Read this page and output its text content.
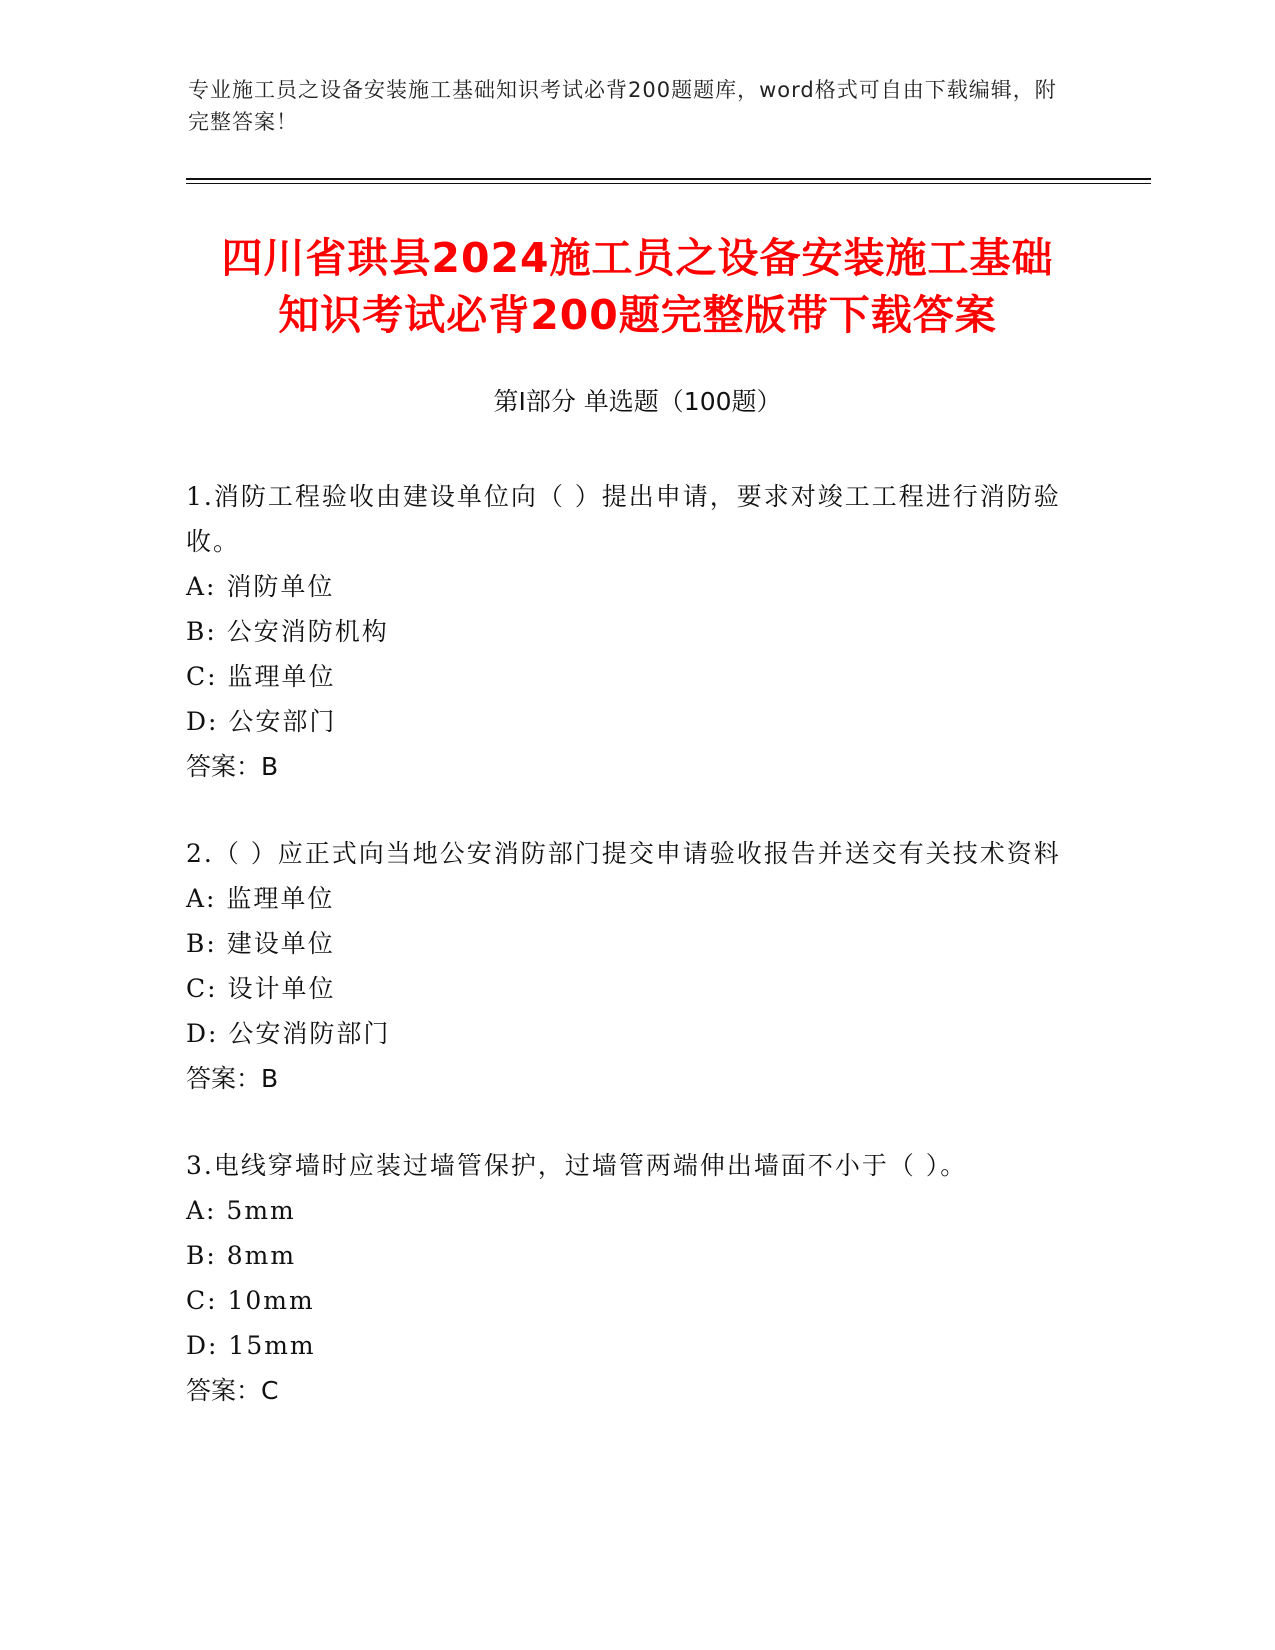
专业施工员之设备安装施工基础知识考试必背200题题库，word格式可自由下载编辑，附完整答案！
四川省珙县2024施工员之设备安装施工基础
知识考试必背200题完整版带下载答案
第I部分 单选题（100题）
1.消防工程验收由建设单位向（ ）提出申请，要求对竣工工程进行消防验收。
A: 消防单位
B: 公安消防机构
C: 监理单位
D: 公安部门
答案：B
2.（ ）应正式向当地公安消防部门提交申请验收报告并送交有关技术资料
A: 监理单位
B: 建设单位
C: 设计单位
D: 公安消防部门
答案：B
3.电线穿墙时应装过墙管保护，过墙管两端伸出墙面不小于（ ）。
A: 5mm
B: 8mm
C: 10mm
D: 15mm
答案：C
